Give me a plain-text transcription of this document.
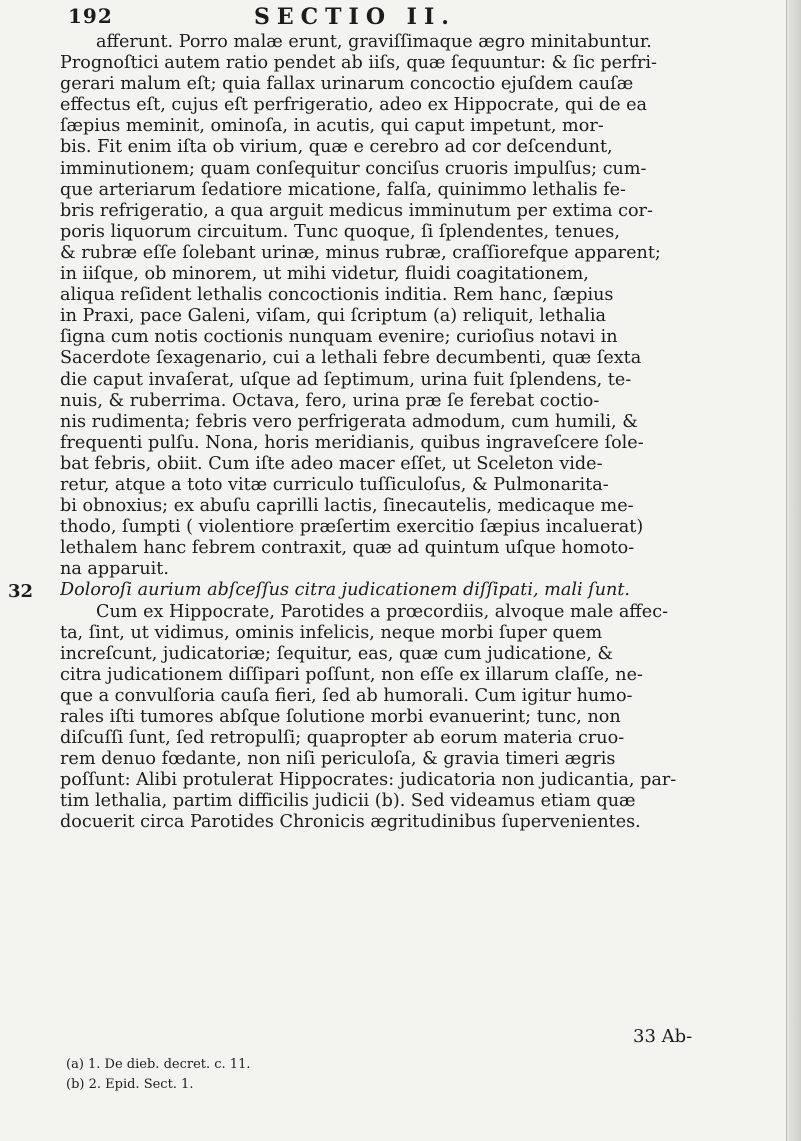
192	SECTIO II.
afferunt. Porro malæ erunt, graviſſimaque ægro minitabuntur.
Prognoſtici autem ratio pendet ab iiſs, quæ ſequuntur: & ſic perfri-
gerari malum eſt; quia fallax urinarum concoctio ejuſdem cauſæ
effectus eſt, cujus eſt perfrigeratio, adeo ex Hippocrate, qui de ea
ſæpius meminit, ominoſa, in acutis, qui caput impetunt, mor-
bis. Fit enim iſta ob virium, quæ e cerebro ad cor deſcendunt,
imminutionem; quam conſequitur conciſus cruoris impulſus; cum-
que arteriarum ſedatiore micatione, falſa, quinimmo lethalis fe-
bris refrigeratio, a qua arguit medicus imminutum per extima cor-
poris liquorum circuitum. Tunc quoque, ſi ſplendentes, tenues,
& rubræ eſſe ſolebant urinæ, minus rubræ, craſſiorefque apparent;
in iiſque, ob minorem, ut mihi videtur, fluidi coagitationem,
aliqua reſident lethalis concoctionis inditia. Rem hanc, ſæpius
in Praxi, pace Galeni, viſam, qui ſcriptum (a) reliquit, lethalia
ſigna cum notis coctionis nunquam evenire; curioſius notavi in
Sacerdote ſexagenario, cui a lethali febre decumbenti, quæ ſexta
die caput invaſerat, uſque ad ſeptimum, urina fuit ſplendens, te-
nuis, & ruberrima. Octava, fero, urina præ ſe ferebat coctio-
nis rudimenta; febris vero perfrigerata admodum, cum humili, &
frequenti pulſu. Nona, horis meridianis, quibus ingraveſcere ſole-
bat febris, obiit. Cum iſte adeo macer eſſet, ut Sceleton vide-
retur, atque a toto vitæ curriculo tuſſiculoſus, & Pulmonarita-
bi obnoxius; ex abuſu caprilli lactis, ſinecautelis, medicaque me-
thodo, ſumpti ( violentiore præſertim exercitio ſæpius incaluerat)
lethalem hanc febrem contraxit, quæ ad quintum uſque homoto-
na apparuit.
Doloroſi aurium abſceſſus citra judicationem diſſipati, mali ſunt.
Cum ex Hippocrate, Parotides a prœcordiis, alvoque male affec-
ta, ſint, ut vidimus, ominis infelicis, neque morbi ſuper quem
increſcunt, judicatoriæ; ſequitur, eas, quæ cum judicatione, &
citra judicationem diſſipari poſſunt, non eſſe ex illarum claſſe, ne-
que a convulſoria cauſa fieri, ſed ab humorali. Cum igitur humo-
rales iſti tumores abſque ſolutione morbi evanuerint; tunc, non
diſcuſſi ſunt, ſed retropulſi; quapropter ab eorum materia cruo-
rem denuo fœdante, non niſi periculoſa, & gravia timeri ægris
poſſunt: Alibi protulerat Hippocrates: judicatoria non judicantia, par-
tim lethalia, partim difficilis judicii (b). Sed videamus etiam quæ
docuerit circa Parotides Chronicis ægritudinibus ſupervenientes.
32
33 Ab-
(a) 1. De dieb. decret. c. 11.
(b) 2. Epid. Sect. 1.
